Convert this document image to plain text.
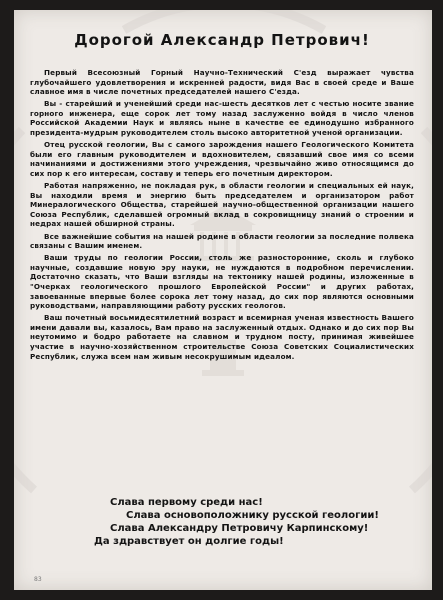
Дорогой Александр Петрович!

Первый Всесоюзный Горный Научно-Технический С'езд выражает чувства глубочайшего удовлетворения и искренней радости, видя Вас в своей среде и Ваше славное имя в числе почетных председателей нашего С'езда.

Вы - старейший и ученейший среди нас-шесть десятков лет с честью носите звание горного инженера, еще сорок лет тому назад заслуженно войдя в число членов Российской Академии Наук и являясь ныне в качестве ее единодушно избранного президента-мудрым руководителем столь высоко авторитетной ученой организации.

Отец русской геологии, Вы с самого зарождения нашего Геологического Комитета были его главным руководителем и вдохновителем, связавший свое имя со всеми начинаниями и достижениями этого учреждения, чрезвычайно живо относящимся до сих пор к его интересам, составу и теперь его почетным директором.

Работая напряженно, не покладая рук, в области геологии и специальных ей наук, Вы находили время и энергию быть председателем и организатором работ Минералогического Общества, старейшей научно-общественной организации нашего Союза Республик, сделавшей огромный вклад в сокровищницу знаний о строении и недрах нашей обширной страны.

Все важнейшие события на нашей родине в области геологии за последние полвека связаны с Вашим именем.

Ваши труды по геологии России, столь же разносторонние, сколь и глубоко научные, создавшие новую эру науки, не нуждаются в подробном перечислении. Достаточно сказать, что Ваши взгляды на тектонику нашей родины, изложенные в "Очерках геологического прошлого Европейской России" и других работах, завоеванные впервые более сорока лет тому назад, до сих пор являются основными руководствами, направляющими работу русских геологов.

Ваш почетный восьмидесятилетний возраст и всемирная ученая известность Вашего имени давали вы, казалось, Вам право на заслуженный отдых. Однако и до сих пор Вы неутомимо и бодро работаете на славном и трудном посту, принимая живейшее участие в научно-хозяйственном строительстве Союза Советских Социалистических Республик, служа всем нам живым несокрушимым идеалом.

Слава первому среди нас!
Слава основоположнику русской геологии!
Слава Александру Петровичу Карпинскому!
Да здравствует он долгие годы!
83
